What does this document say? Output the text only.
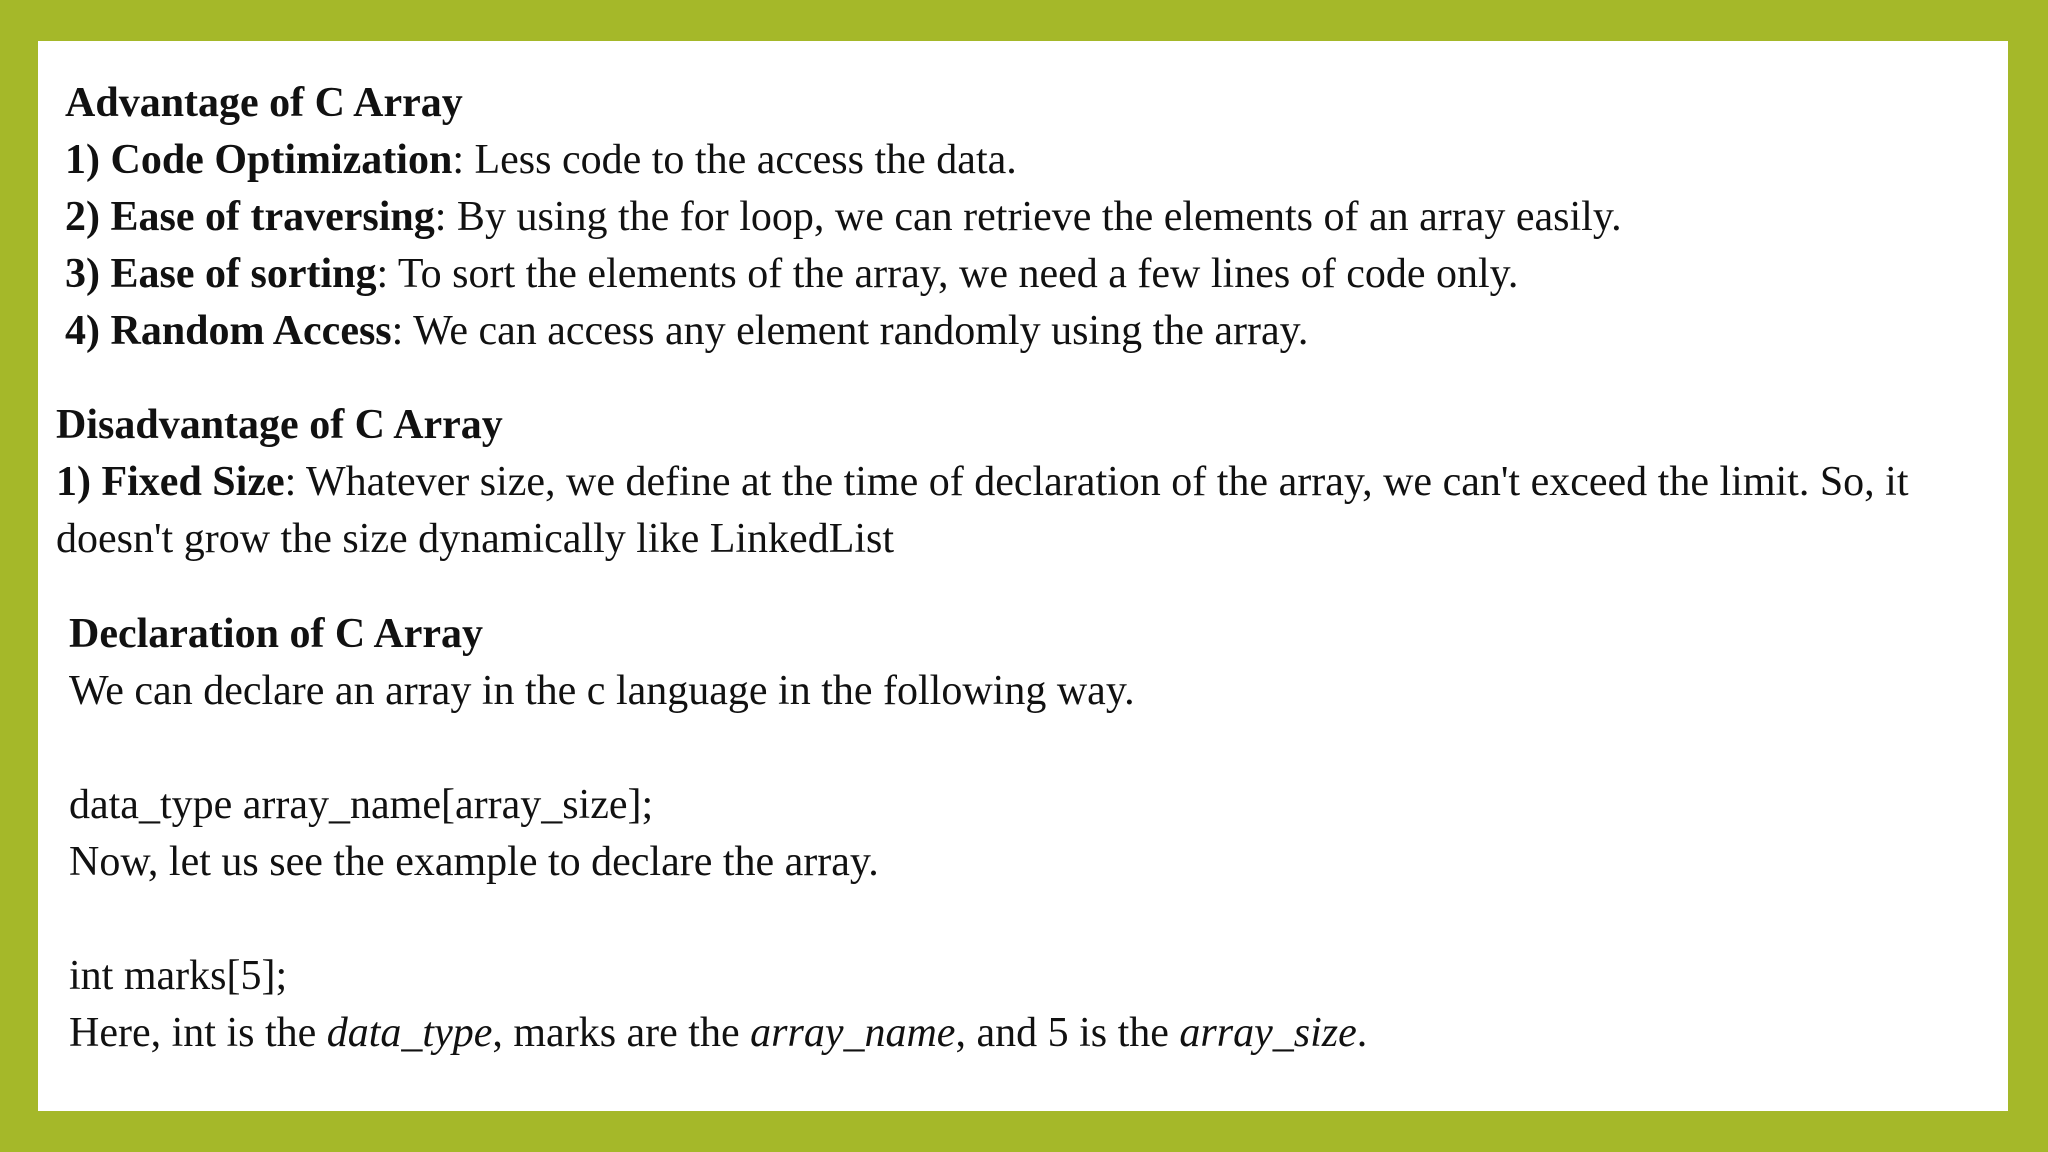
Advantage of C Array
1) Code Optimization: Less code to the access the data.
2) Ease of traversing: By using the for loop, we can retrieve the elements of an array easily.
3) Ease of sorting: To sort the elements of the array, we need a few lines of code only.
4) Random Access: We can access any element randomly using the array.
Disadvantage of C Array
1) Fixed Size: Whatever size, we define at the time of declaration of the array, we can't exceed the limit. So, it doesn't grow the size dynamically like LinkedList
Declaration of C Array
We can declare an array in the c language in the following way.
data_type array_name[array_size];
Now, let us see the example to declare the array.
int marks[5];
Here, int is the data_type, marks are the array_name, and 5 is the array_size.
